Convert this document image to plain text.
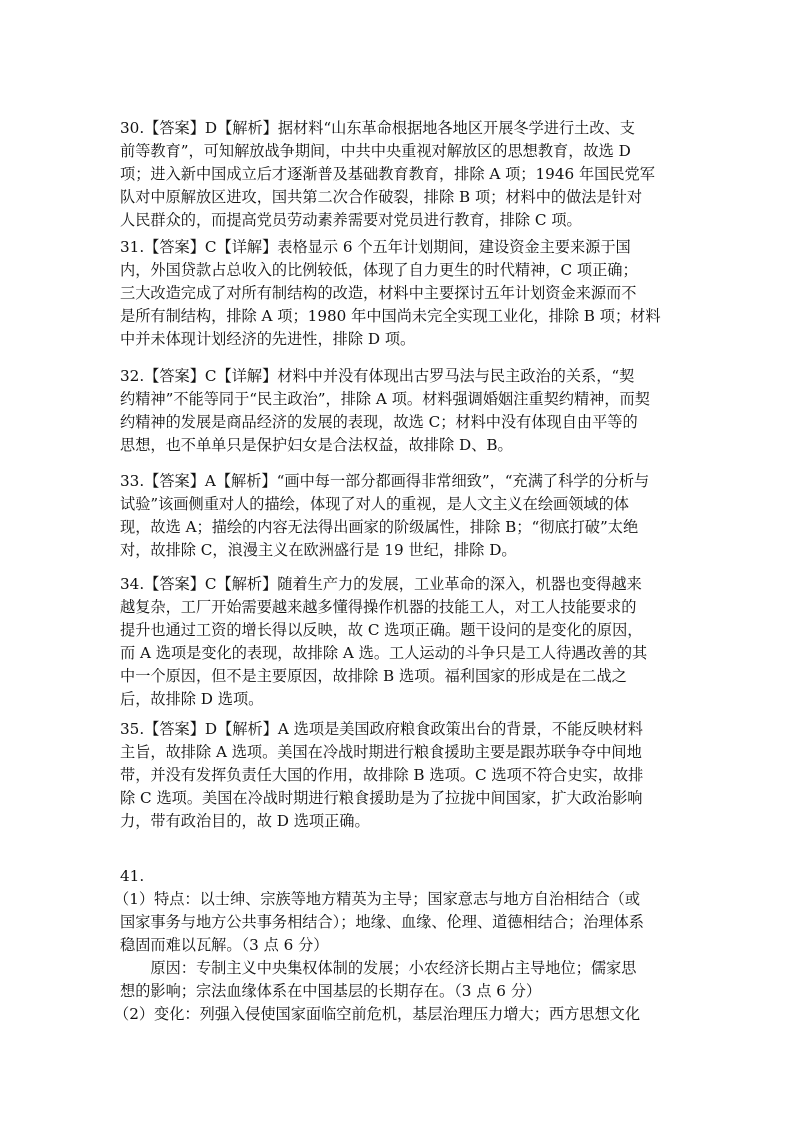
30.【答案】D【解析】据材料“山东革命根据地各地区开展冬学进行土改、支

前等教育”，可知解放战争期间，中共中央重视对解放区的思想教育，故选 D

项；进入新中国成立后才逐渐普及基础教育教育，排除 A 项；1946 年国民党军

队对中原解放区进攻，国共第二次合作破裂，排除 B 项；材料中的做法是针对

人民群众的，而提高党员劳动素养需要对党员进行教育，排除 C 项。

31.【答案】C【详解】表格显示 6 个五年计划期间，建设资金主要来源于国

内，外国贷款占总收入的比例较低，体现了自力更生的时代精神，C 项正确；

三大改造完成了对所有制结构的改造，材料中主要探讨五年计划资金来源而不

是所有制结构，排除 A 项；1980 年中国尚未完全实现工业化，排除 B 项；材料

中并未体现计划经济的先进性，排除 D 项。

32.【答案】C【详解】材料中并没有体现出古罗马法与民主政治的关系，“契

约精神”不能等同于“民主政治”，排除 A 项。材料强调婚姻注重契约精神，而契

约精神的发展是商品经济的发展的表现，故选 C；材料中没有体现自由平等的

思想，也不单单只是保护妇女是合法权益，故排除 D、B。

33.【答案】A【解析】“画中每一部分都画得非常细致”，“充满了科学的分析与

试验”该画侧重对人的描绘，体现了对人的重视，是人文主义在绘画领域的体

现，故选 A；描绘的内容无法得出画家的阶级属性，排除 B；“彻底打破”太绝

对，故排除 C，浪漫主义在欧洲盛行是 19 世纪，排除 D。

34.【答案】C【解析】随着生产力的发展，工业革命的深入，机器也变得越来

越复杂，工厂开始需要越来越多懂得操作机器的技能工人，对工人技能要求的

提升也通过工资的增长得以反映，故 C 选项正确。题干设问的是变化的原因，

而 A 选项是变化的表现，故排除 A 选。工人运动的斗争只是工人待遇改善的其

中一个原因，但不是主要原因，故排除 B 选项。福利国家的形成是在二战之

后，故排除 D 选项。

35.【答案】D【解析】A 选项是美国政府粮食政策出台的背景，不能反映材料

主旨，故排除 A 选项。美国在冷战时期进行粮食援助主要是跟苏联争夺中间地

带，并没有发挥负责任大国的作用，故排除 B 选项。C 选项不符合史实，故排

除 C 选项。美国在冷战时期进行粮食援助是为了拉拢中间国家，扩大政治影响

力，带有政治目的，故 D 选项正确。

41.

（1）特点：以士绅、宗族等地方精英为主导；国家意志与地方自治相结合（或

国家事务与地方公共事务相结合）；地缘、血缘、伦理、道德相结合；治理体系

稳固而难以瓦解。（3 点 6 分）

原因：专制主义中央集权体制的发展；小农经济长期占主导地位；儒家思

想的影响；宗法血缘体系在中国基层的长期存在。（3 点 6 分）

（2）变化：列强入侵使国家面临空前危机，基层治理压力增大；西方思想文化
